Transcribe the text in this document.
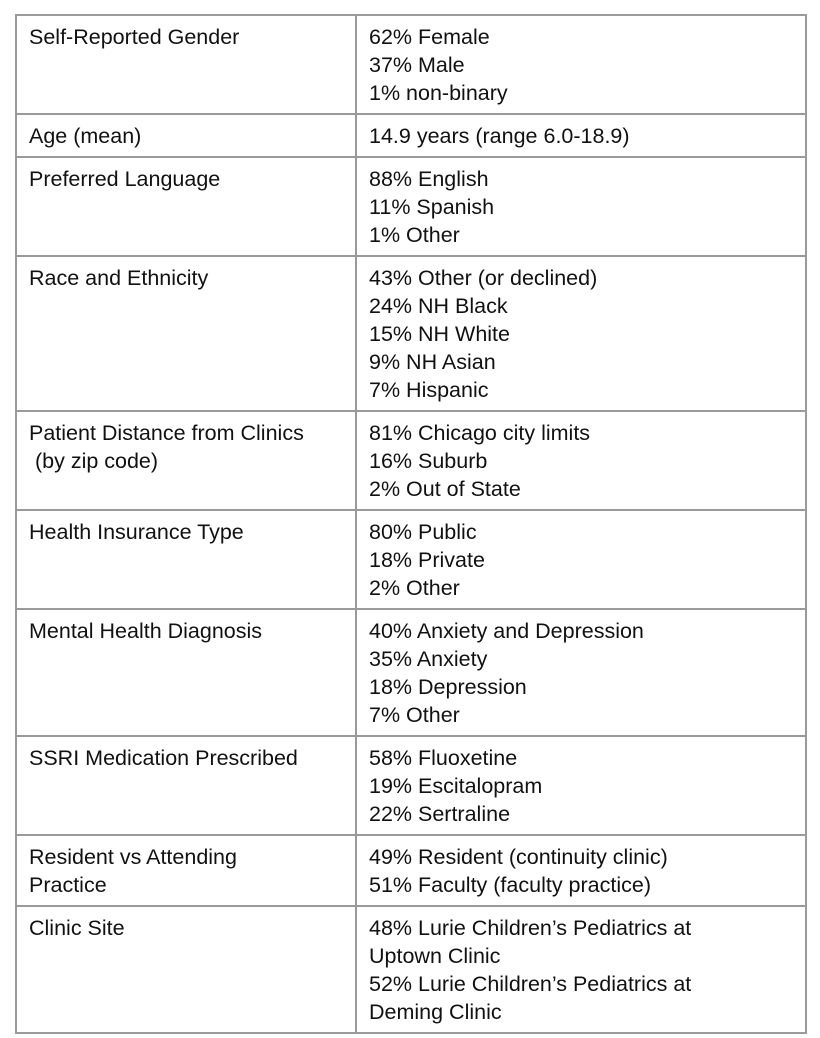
Self-Reported Gender	62% Female
37% Male
1% non-binary

Age (mean)	14.9 years (range 6.0-18.9)

Preferred Language	88% English
11% Spanish
1% Other

Race and Ethnicity	43% Other (or declined)
24% NH Black
15% NH White
9% NH Asian
7% Hispanic

Patient Distance from Clinics
(by zip code)	81% Chicago city limits
16% Suburb
2% Out of State

Health Insurance Type	80% Public
18% Private
2% Other

Mental Health Diagnosis	40% Anxiety and Depression
35% Anxiety
18% Depression
7% Other

SSRI Medication Prescribed	58% Fluoxetine
19% Escitalopram
22% Sertraline

Resident vs Attending
Practice	49% Resident (continuity clinic)
51% Faculty (faculty practice)

Clinic Site	48% Lurie Children’s Pediatrics at
Uptown Clinic
52% Lurie Children’s Pediatrics at
Deming Clinic
